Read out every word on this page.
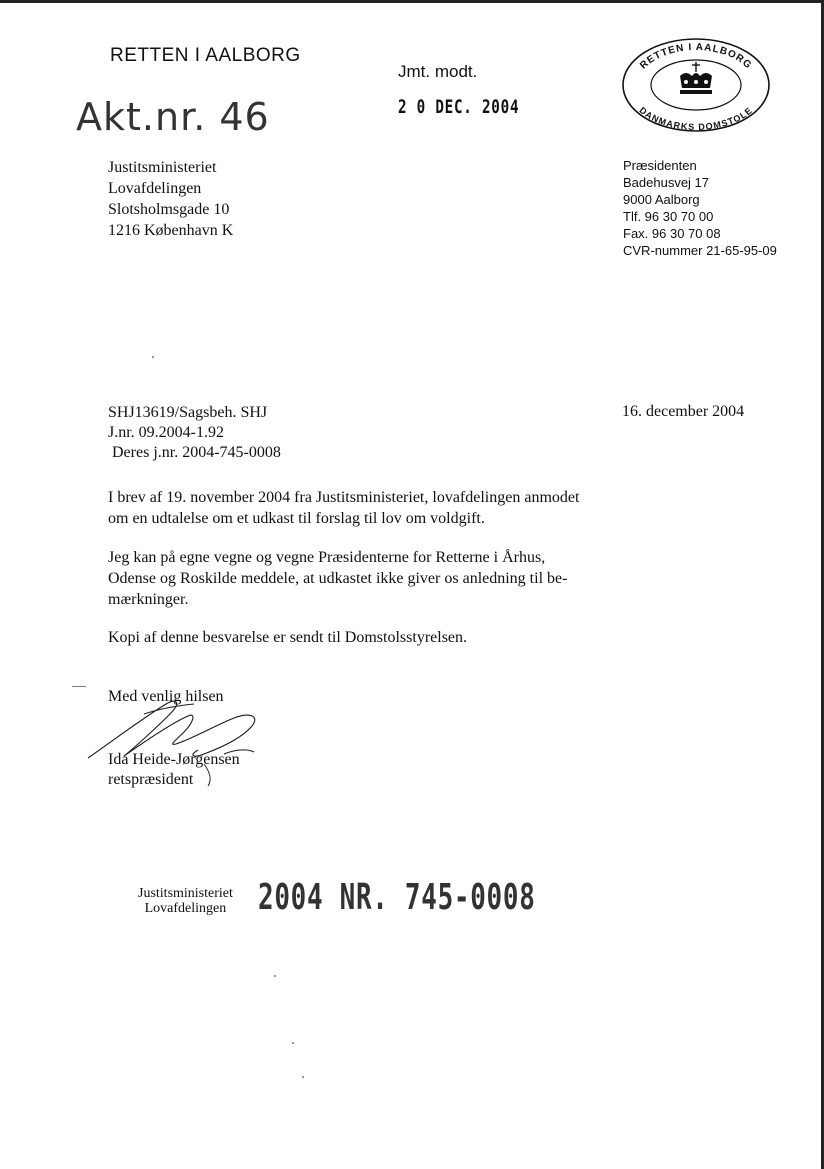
RETTEN I AALBORG
Jmt. modt.
2 0 DEC. 2004
Akt.nr. 46
RETTEN I AALBORG
DANMARKS DOMSTOLE
Justitsministeriet
Lovafdelingen
Slotsholmsgade 10
1216 København K
Præsidenten
Badehusvej 17
9000 Aalborg
Tlf. 96 30 70 00
Fax. 96 30 70 08
CVR-nummer 21-65-95-09
SHJ13619/Sagsbeh. SHJ
J.nr. 09.2004-1.92
Deres j.nr. 2004-745-0008
16. december 2004
I brev af 19. november 2004 fra Justitsministeriet, lovafdelingen anmodet
om en udtalelse om et udkast til forslag til lov om voldgift.
Jeg kan på egne vegne og vegne Præsidenterne for Retterne i Århus,
Odense og Roskilde meddele, at udkastet ikke giver os anledning til be-
mærkninger.
Kopi af denne besvarelse er sendt til Domstolsstyrelsen.
Med venlig hilsen
Ida Heide-Jørgensen
retspræsident
Justitsministeriet
Lovafdelingen 2004 NR. 745-0008
